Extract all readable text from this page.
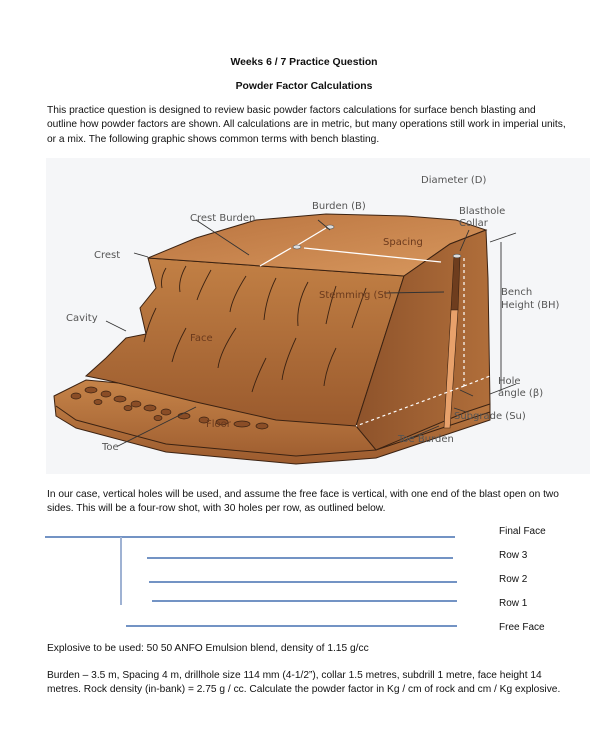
Weeks 6 / 7 Practice Question
Powder Factor Calculations
This practice question is designed to review basic powder factors calculations for surface bench blasting and outline how powder factors are shown. All calculations are in metric, but many operations still work in imperial units, or a mix. The following graphic shows common terms with bench blasting.
Diameter (D)
Burden (B)
Crest Burden
Blasthole
Collar
Spacing
Crest
Stemming (St)	Bench
Height (BH)
Cavity
Face
Hole
angle (β)
Subgrade (Su)
Floor
Toe Burden
Toe
In our case, vertical holes will be used, and assume the free face is vertical, with one end of the blast open on two sides. This will be a four-row shot, with 30 holes per row, as outlined below.
Final Face
Row 3
Row 2
Row 1
Free Face
Explosive to be used: 50 50 ANFO Emulsion blend, density of 1.15 g/cc
Burden – 3.5 m, Spacing 4 m, drillhole size 114 mm (4-1/2”), collar 1.5 metres, subdrill 1 metre, face height 14 metres. Rock density (in-bank) = 2.75 g / cc. Calculate the powder factor in Kg / cm of rock and cm / Kg explosive.
